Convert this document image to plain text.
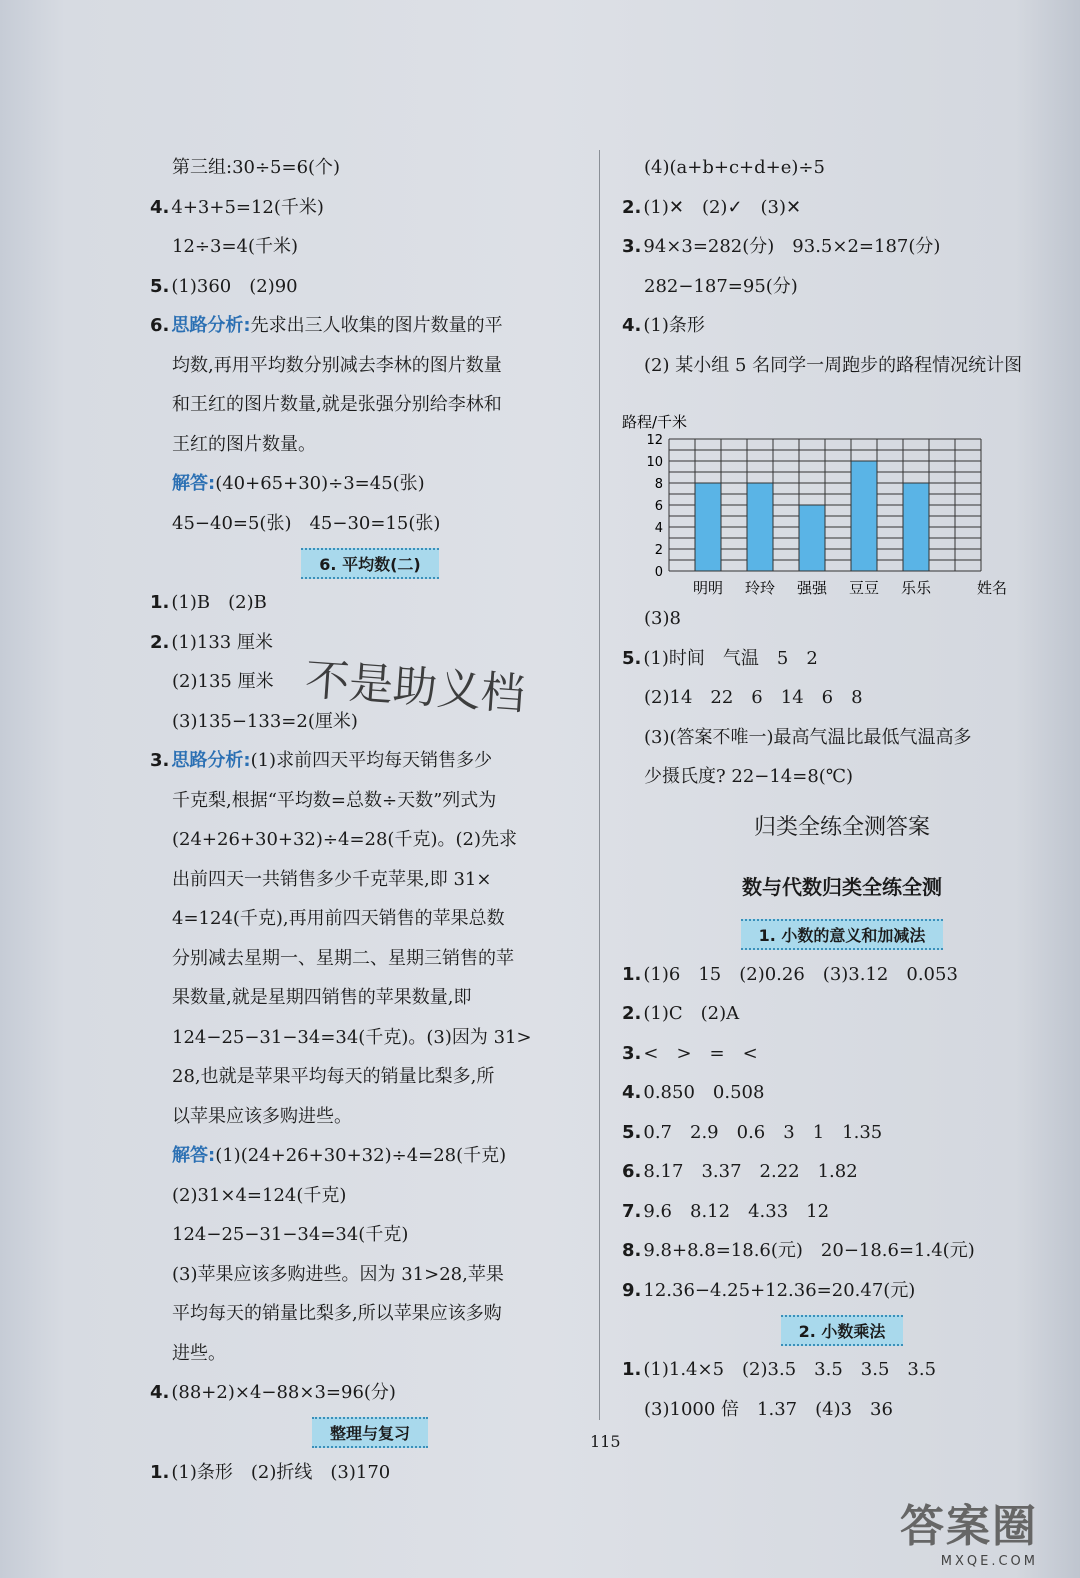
第三组:30÷5=6(个)
4. 4+3+5=12(千米)
12÷3=4(千米)
5. (1)360　(2)90
6. 思路分析:先求出三人收集的图片数量的平
均数,再用平均数分别减去李林的图片数量
和王红的图片数量,就是张强分别给李林和
王红的图片数量。
解答:(40+65+30)÷3=45(张)
45−40=5(张)　45−30=15(张)
6. 平均数(二)
1. (1)B　(2)B
2. (1)133 厘米
(2)135 厘米
(3)135−133=2(厘米)
3. 思路分析:(1)求前四天平均每天销售多少
千克梨,根据“平均数=总数÷天数”列式为
(24+26+30+32)÷4=28(千克)。(2)先求
出前四天一共销售多少千克苹果,即 31×
4=124(千克),再用前四天销售的苹果总数
分别减去星期一、星期二、星期三销售的苹
果数量,就是星期四销售的苹果数量,即
124−25−31−34=34(千克)。(3)因为 31>
28,也就是苹果平均每天的销量比梨多,所
以苹果应该多购进些。
解答:(1)(24+26+30+32)÷4=28(千克)
(2)31×4=124(千克)
124−25−31−34=34(千克)
(3)苹果应该多购进些。因为 31>28,苹果
平均每天的销量比梨多,所以苹果应该多购
进些。
4. (88+2)×4−88×3=96(分)
整理与复习
1. (1)条形　(2)折线　(3)170
(4)(a+b+c+d+e)÷5
2. (1)✕　(2)✓　(3)✕
3. 94×3=282(分)　93.5×2=187(分)
282−187=95(分)
4. (1)条形
(2) 某小组 5 名同学一周跑步的路程情况统计图
路程/千米
0
2
4
6
8
10
12
明明 玲玲 强强 豆豆 乐乐	姓名
(3)8
5. (1)时间　气温　5　2
(2)14　22　6　14　6　8
(3)(答案不唯一)最高气温比最低气温高多
少摄氏度? 22−14=8(℃)
归类全练全测答案
数与代数归类全练全测
1. 小数的意义和加减法
1. (1)6　15　(2)0.26　(3)3.12　0.053
2. (1)C　(2)A
3. <　>　=　<
4. 0.850　0.508
5. 0.7　2.9　0.6　3　1　1.35
6. 8.17　3.37　2.22　1.82
7. 9.6　8.12　4.33　12
8. 9.8+8.8=18.6(元)　20−18.6=1.4(元)
9. 12.36−4.25+12.36=20.47(元)
2. 小数乘法
1. (1)1.4×5　(2)3.5　3.5　3.5　3.5
(3)1000 倍　1.37　(4)3　36
不是助义档
115
答案圈
MXQE.COM
